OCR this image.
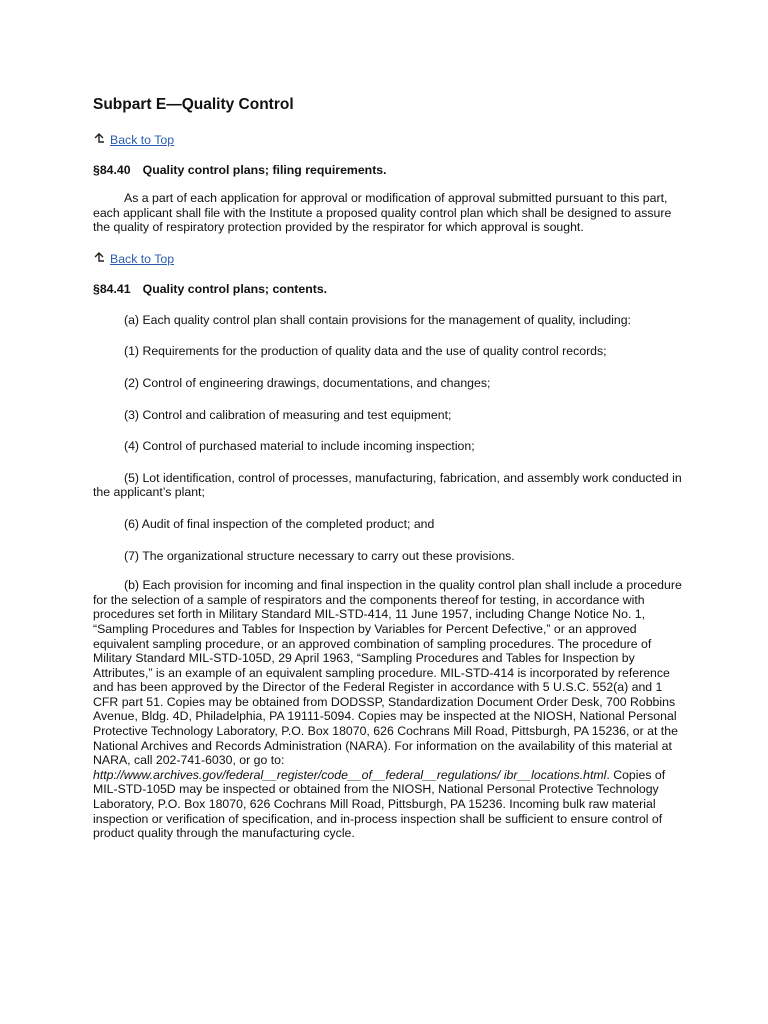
Subpart E—Quality Control
Back to Top
§84.40 Quality control plans; filing requirements.

As a part of each application for approval or modification of approval submitted pursuant to this part, each applicant shall file with the Institute a proposed quality control plan which shall be designed to assure the quality of respiratory protection provided by the respirator for which approval is sought.

Back to Top
§84.41 Quality control plans; contents.

(a) Each quality control plan shall contain provisions for the management of quality, including:

(1) Requirements for the production of quality data and the use of quality control records;

(2) Control of engineering drawings, documentations, and changes;

(3) Control and calibration of measuring and test equipment;

(4) Control of purchased material to include incoming inspection;

(5) Lot identification, control of processes, manufacturing, fabrication, and assembly work conducted in the applicant’s plant;

(6) Audit of final inspection of the completed product; and

(7) The organizational structure necessary to carry out these provisions.

(b) Each provision for incoming and final inspection in the quality control plan shall include a procedure for the selection of a sample of respirators and the components thereof for testing, in accordance with procedures set forth in Military Standard MIL-STD-414, 11 June 1957, including Change Notice No. 1, “Sampling Procedures and Tables for Inspection by Variables for Percent Defective,” or an approved equivalent sampling procedure, or an approved combination of sampling procedures. The procedure of Military Standard MIL-STD-105D, 29 April 1963, “Sampling Procedures and Tables for Inspection by Attributes,” is an example of an equivalent sampling procedure. MIL-STD-414 is incorporated by reference and has been approved by the Director of the Federal Register in accordance with 5 U.S.C. 552(a) and 1 CFR part 51. Copies may be obtained from DODSSP, Standardization Document Order Desk, 700 Robbins Avenue, Bldg. 4D, Philadelphia, PA 19111-5094. Copies may be inspected at the NIOSH, National Personal Protective Technology Laboratory, P.O. Box 18070, 626 Cochrans Mill Road, Pittsburgh, PA 15236, or at the National Archives and Records Administration (NARA). For information on the availability of this material at NARA, call 202-741-6030, or go to: http://www.archives.gov/federal__register/code__of__federal__regulations/ ibr__locations.html. Copies of MIL-STD-105D may be inspected or obtained from the NIOSH, National Personal Protective Technology Laboratory, P.O. Box 18070, 626 Cochrans Mill Road, Pittsburgh, PA 15236. Incoming bulk raw material inspection or verification of specification, and in-process inspection shall be sufficient to ensure control of product quality through the manufacturing cycle.
